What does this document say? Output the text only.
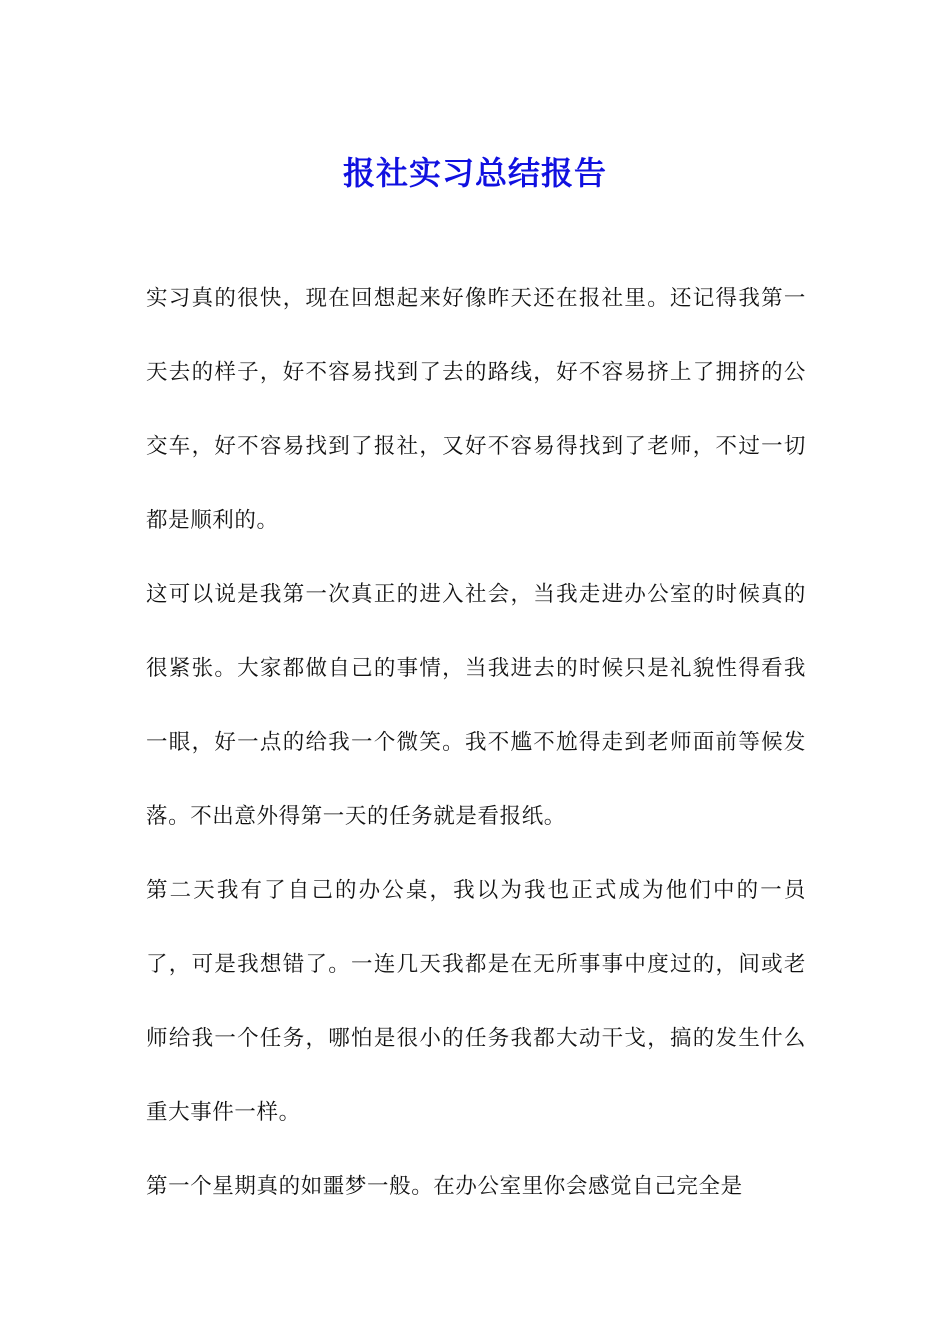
报社实习总结报告

实习真的很快，现在回想起来好像昨天还在报社里。还记得我第一天去的样子，好不容易找到了去的路线，好不容易挤上了拥挤的公交车，好不容易找到了报社，又好不容易得找到了老师，不过一切都是顺利的。

这可以说是我第一次真正的进入社会，当我走进办公室的时候真的很紧张。大家都做自己的事情，当我进去的时候只是礼貌性得看我一眼，好一点的给我一个微笑。我不尴不尬得走到老师面前等候发落。不出意外得第一天的任务就是看报纸。

第二天我有了自己的办公桌，我以为我也正式成为他们中的一员了，可是我想错了。一连几天我都是在无所事事中度过的，间或老师给我一个任务，哪怕是很小的任务我都大动干戈，搞的发生什么重大事件一样。

第一个星期真的如噩梦一般。在办公室里你会感觉自己完全是
